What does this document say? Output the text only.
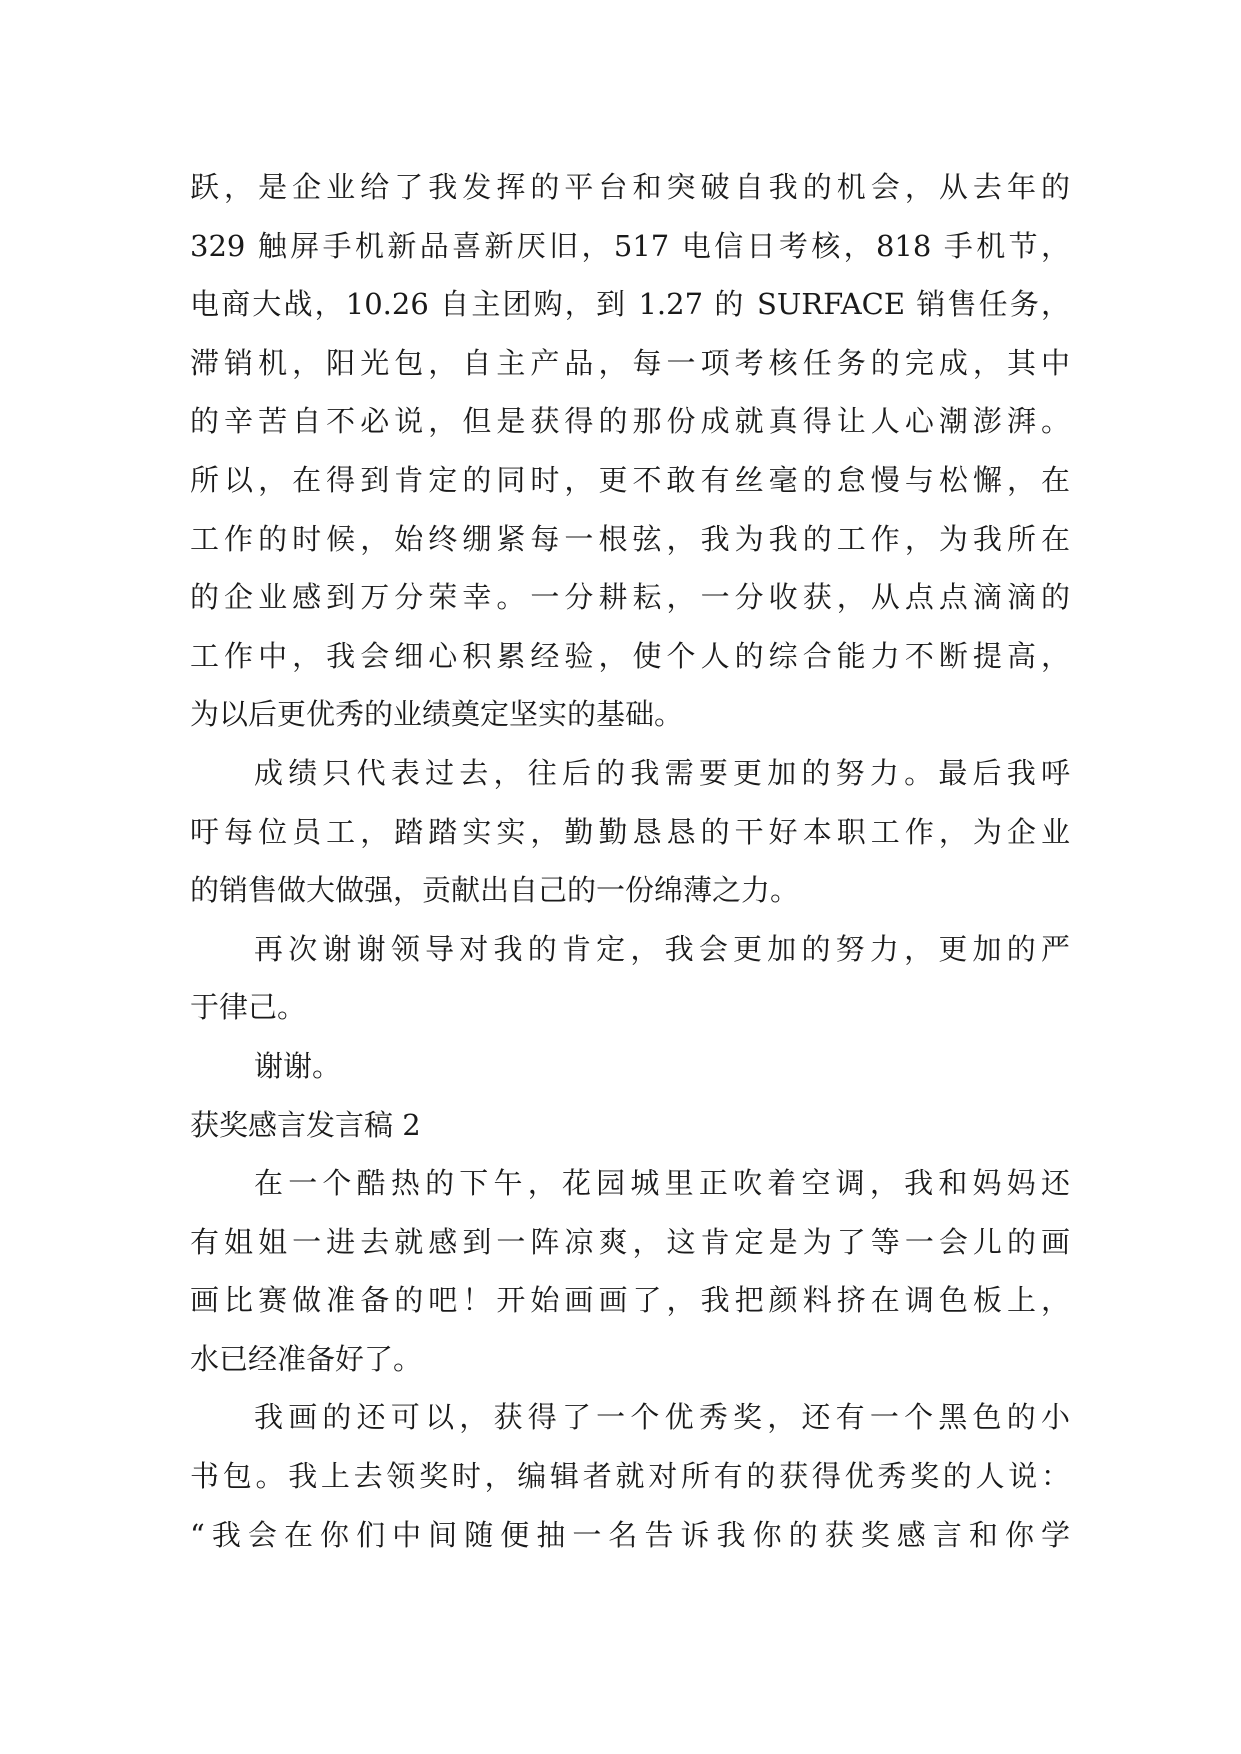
跃，是企业给了我发挥的平台和突破自我的机会，从去年的
329 触屏手机新品喜新厌旧，517 电信日考核，818 手机节，
电商大战，10.26 自主团购，到 1.27 的 SURFACE 销售任务，
滞销机，阳光包，自主产品，每一项考核任务的完成，其中
的辛苦自不必说，但是获得的那份成就真得让人心潮澎湃。
所以，在得到肯定的同时，更不敢有丝毫的怠慢与松懈，在
工作的时候，始终绷紧每一根弦，我为我的工作，为我所在
的企业感到万分荣幸。一分耕耘，一分收获，从点点滴滴的
工作中，我会细心积累经验，使个人的综合能力不断提高，
为以后更优秀的业绩奠定坚实的基础。
成绩只代表过去，往后的我需要更加的努力。最后我呼
吁每位员工，踏踏实实，勤勤恳恳的干好本职工作，为企业
的销售做大做强，贡献出自己的一份绵薄之力。
再次谢谢领导对我的肯定，我会更加的努力，更加的严
于律己。
谢谢。
获奖感言发言稿 2
在一个酷热的下午，花园城里正吹着空调，我和妈妈还
有姐姐一进去就感到一阵凉爽，这肯定是为了等一会儿的画
画比赛做准备的吧！开始画画了，我把颜料挤在调色板上，
水已经准备好了。
我画的还可以，获得了一个优秀奖，还有一个黑色的小
书包。我上去领奖时，编辑者就对所有的获得优秀奖的人说：
“我会在你们中间随便抽一名告诉我你的获奖感言和你学
